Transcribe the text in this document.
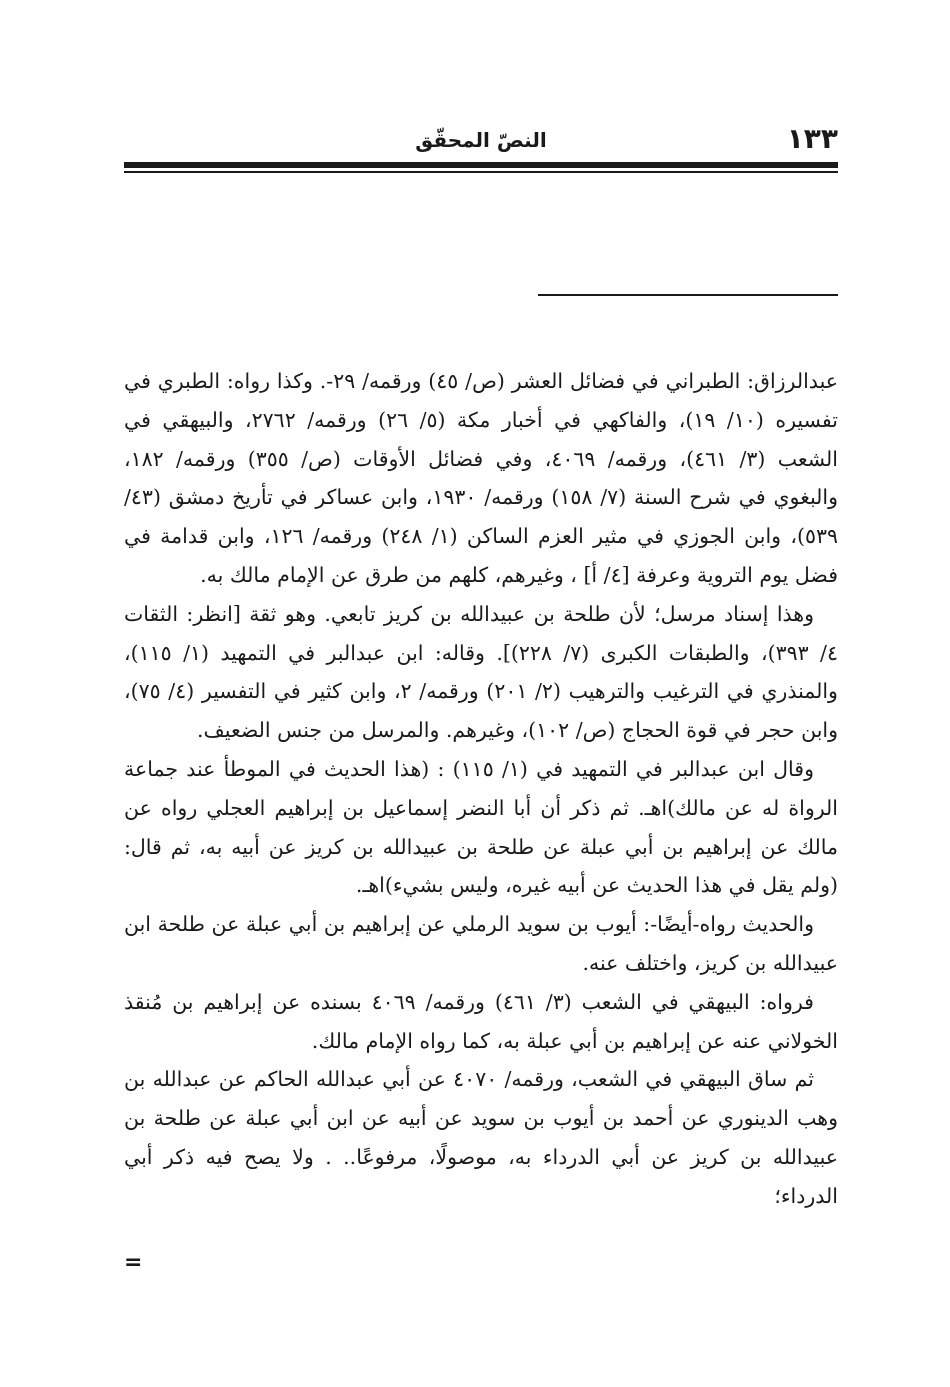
١٣٣
النصّ المحقّق

عبدالرزاق: الطبراني في فضائل العشر (ص/ ٤٥) ورقمه/ ٢٩-. وكذا رواه: الطبري في تفسيره (١٠/ ١٩)، والفاكهي في أخبار مكة (٥/ ٢٦) ورقمه/ ٢٧٦٢، والبيهقي في الشعب (٣/ ٤٦١)، ورقمه/ ٤٠٦٩، وفي فضائل الأوقات (ص/ ٣٥٥) ورقمه/ ١٨٢، والبغوي في شرح السنة (٧/ ١٥٨) ورقمه/ ١٩٣٠، وابن عساكر في تأريخ دمشق (٤٣/ ٥٣٩)، وابن الجوزي في مثير العزم الساكن (١/ ٢٤٨) ورقمه/ ١٢٦، وابن قدامة في فضل يوم التروية وعرفة [٤/ أ] ، وغيرهم، كلهم من طرق عن الإمام مالك به.

وهذا إسناد مرسل؛ لأن طلحة بن عبيدالله بن كريز تابعي. وهو ثقة [انظر: الثقات ٤/ ٣٩٣)، والطبقات الكبرى (٧/ ٢٢٨)]. وقاله: ابن عبدالبر في التمهيد (١/ ١١٥)، والمنذري في الترغيب والترهيب (٢/ ٢٠١) ورقمه/ ٢، وابن كثير في التفسير (٤/ ٧٥)، وابن حجر في قوة الحجاج (ص/ ١٠٢)، وغيرهم. والمرسل من جنس الضعيف.

وقال ابن عبدالبر في التمهيد في (١/ ١١٥) : (هذا الحديث في الموطأ عند جماعة الرواة له عن مالك)اهـ. ثم ذكر أن أبا النضر إسماعيل بن إبراهيم العجلي رواه عن مالك عن إبراهيم بن أبي عبلة عن طلحة بن عبيدالله بن كريز عن أبيه به، ثم قال: (ولم يقل في هذا الحديث عن أبيه غيره، وليس بشيء)اهـ.

والحديث رواه-أيضًا-: أيوب بن سويد الرملي عن إبراهيم بن أبي عبلة عن طلحة ابن عبيدالله بن كريز، واختلف عنه.

فرواه: البيهقي في الشعب (٣/ ٤٦١) ورقمه/ ٤٠٦٩ بسنده عن إبراهيم بن مُنقذ الخولاني عنه عن إبراهيم بن أبي عبلة به، كما رواه الإمام مالك.

ثم ساق البيهقي في الشعب، ورقمه/ ٤٠٧٠ عن أبي عبدالله الحاكم عن عبدالله بن وهب الدينوري عن أحمد بن أيوب بن سويد عن أبيه عن ابن أبي عبلة عن طلحة بن عبيدالله بن كريز عن أبي الدرداء به، موصولًا، مرفوعًا.. . ولا يصح فيه ذكر أبي الدرداء؛

=
